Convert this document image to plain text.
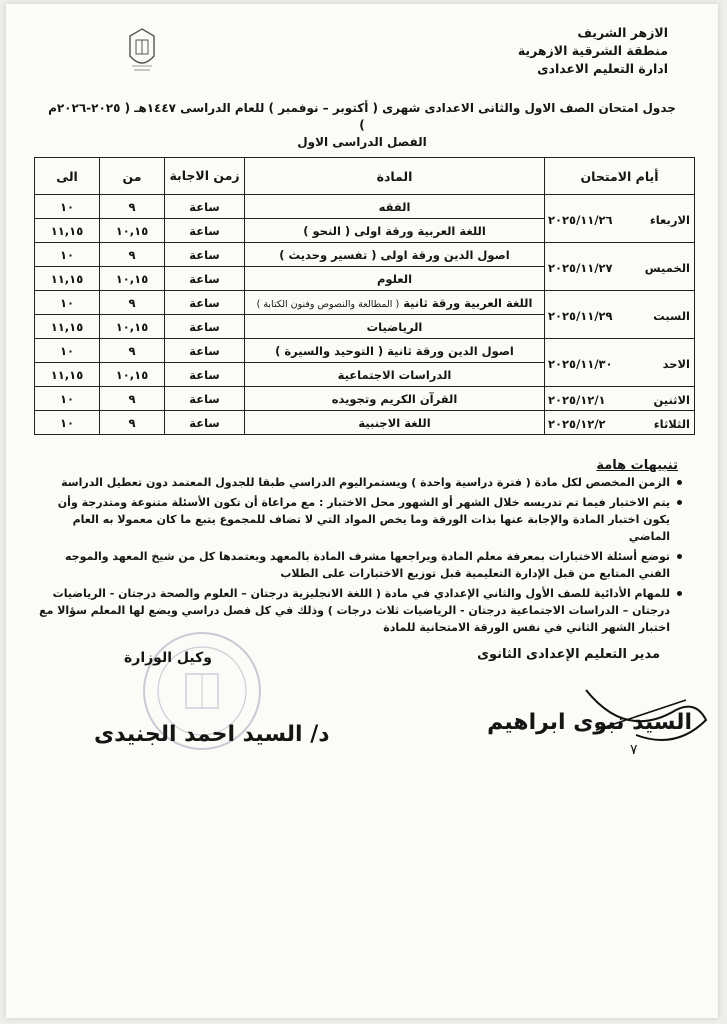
الازهر الشريف
منطقة الشرقية الازهرية
ادارة التعليم الاعدادى
جدول امتحان الصف الاول والثانى الاعدادى شهرى ( أكتوبر – نوفمبر ) للعام الدراسى ١٤٤٧هـ ( ٢٠٢٥-٢٠٢٦م )
الفصل الدراسى الاول
أيام الامتحان	المادة	زمن الاجابة	من	الى

الاربعاء
٢٠٢٥/١١/٢٦	الفقه	ساعة	٩	١٠
	اللغة العربية ورقة اولى ( النحو )	ساعة	١٠,١٥	١١,١٥

الخميس
٢٠٢٥/١١/٢٧	اصول الدين ورقة اولى ( تفسير وحديث )	ساعة	٩	١٠
	العلوم	ساعة	١٠,١٥	١١,١٥

السبت
٢٠٢٥/١١/٢٩	اللغة العربية ورقة ثانية ( المطالعة والنصوص وفنون الكتابة )	ساعة	٩	١٠
	الرياضيات	ساعة	١٠,١٥	١١,١٥

الاحد
٢٠٢٥/١١/٣٠	اصول الدين ورقة ثانية ( التوحيد والسيرة )	ساعة	٩	١٠
	الدراسات الاجتماعية	ساعة	١٠,١٥	١١,١٥

الاثنين
٢٠٢٥/١٢/١	القرآن الكريم وتجويده	ساعة	٩	١٠

الثلاثاء
٢٠٢٥/١٢/٢	اللغة الاجنبية	ساعة	٩	١٠
تنبيهات هامة
الزمن المخصص لكل مادة ( فترة دراسية واحدة ) ويستمراليوم الدراسي طبقا للجدول المعتمد دون تعطيل الدراسة
يتم الاختبار فيما تم تدريسه خلال الشهر أو الشهور محل الاختبار : مع مراعاة أن تكون الأسئلة متنوعة ومتدرجة وأن يكون اختبار المادة والإجابة عنها بذات الورقة وما يخص المواد التي لا تضاف للمجموع يتبع ما كان معمولا به العام الماضي
توضع أسئلة الاختبارات بمعرفة معلم المادة ويراجعها مشرف المادة بالمعهد ويعتمدها كل من شيخ المعهد والموجه الفني المتابع من قبل الإدارة التعليمية قبل توزيع الاختبارات على الطلاب
للمهام الأدائية للصف الأول والثاني الإعدادي في مادة ( اللغة الانجليزية درجتان – العلوم والصحة درجتان - الرياضيات درجتان – الدراسات الاجتماعية درجتان - الرياضيات ثلاث درجات ) وذلك في كل فصل دراسي ويضع لها المعلم سؤالا مع اختبار الشهر الثاني في نفس الورقة الامتحانية للمادة
مدير التعليم الإعدادى الثانوى
السيد نبوى ابراهيم
٧
وكيل الوزارة
د/ السيد احمد الجنيدى
